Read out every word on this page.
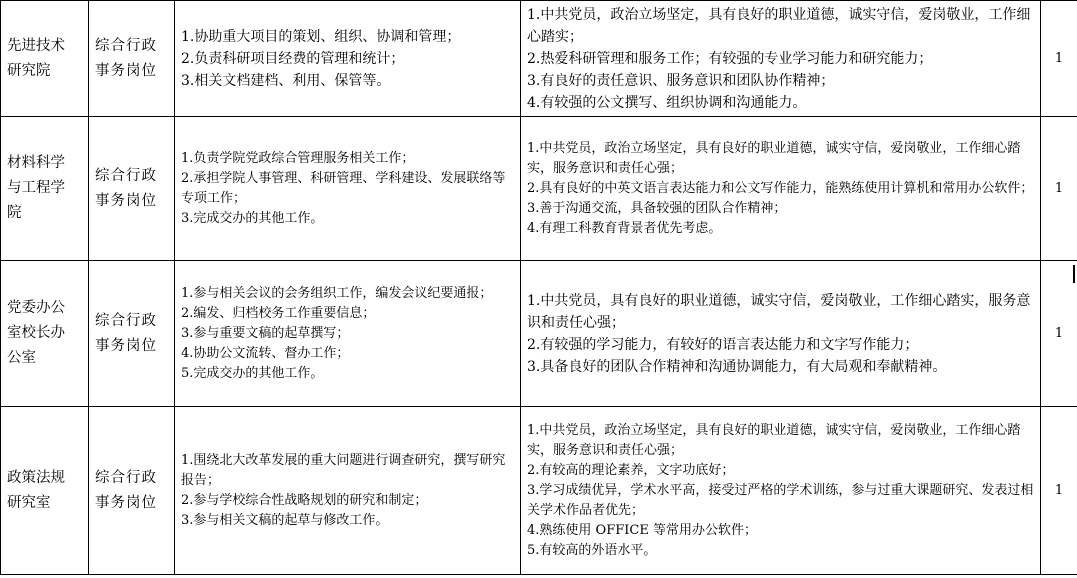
先进技术
研究院	综合行政
事务岗位	1.协助重大项目的策划、组织、协调和管理；
2.负责科研项目经费的管理和统计；
3.相关文档建档、利用、保管等。	1.中共党员，政治立场坚定，具有良好的职业道德，诚实守信，爱岗敬业，工作细心踏实；
2.热爱科研管理和服务工作；有较强的专业学习能力和研究能力；
3.有良好的责任意识、服务意识和团队协作精神；
4.有较强的公文撰写、组织协调和沟通能力。	1

材料科学
与工程学
院	综合行政
事务岗位	1.负责学院党政综合管理服务相关工作；
2.承担学院人事管理、科研管理、学科建设、发展联络等专项工作；
3.完成交办的其他工作。	1.中共党员，政治立场坚定，具有良好的职业道德，诚实守信，爱岗敬业，工作细心踏实，服务意识和责任心强；
2.具有良好的中英文语言表达能力和公文写作能力，能熟练使用计算机和常用办公软件；
3.善于沟通交流，具备较强的团队合作精神；
4.有理工科教育背景者优先考虑。	1

党委办公
室校长办
公室	综合行政
事务岗位	1.参与相关会议的会务组织工作，编发会议纪要通报；
2.编发、归档校务工作重要信息；
3.参与重要文稿的起草撰写；
4.协助公文流转、督办工作；
5.完成交办的其他工作。	1.中共党员，具有良好的职业道德，诚实守信，爱岗敬业，工作细心踏实，服务意识和责任心强；
2.有较强的学习能力，有较好的语言表达能力和文字写作能力；
3.具备良好的团队合作精神和沟通协调能力，有大局观和奉献精神。	1

政策法规
研究室	综合行政
事务岗位	1.围绕北大改革发展的重大问题进行调查研究，撰写研究报告；
2.参与学校综合性战略规划的研究和制定；
3.参与相关文稿的起草与修改工作。	1.中共党员，政治立场坚定，具有良好的职业道德，诚实守信，爱岗敬业，工作细心踏实，服务意识和责任心强；
2.有较高的理论素养，文字功底好；
3.学习成绩优异，学术水平高，接受过严格的学术训练，参与过重大课题研究、发表过相关学术作品者优先；
4.熟练使用 OFFICE 等常用办公软件；
5.有较高的外语水平。	1
